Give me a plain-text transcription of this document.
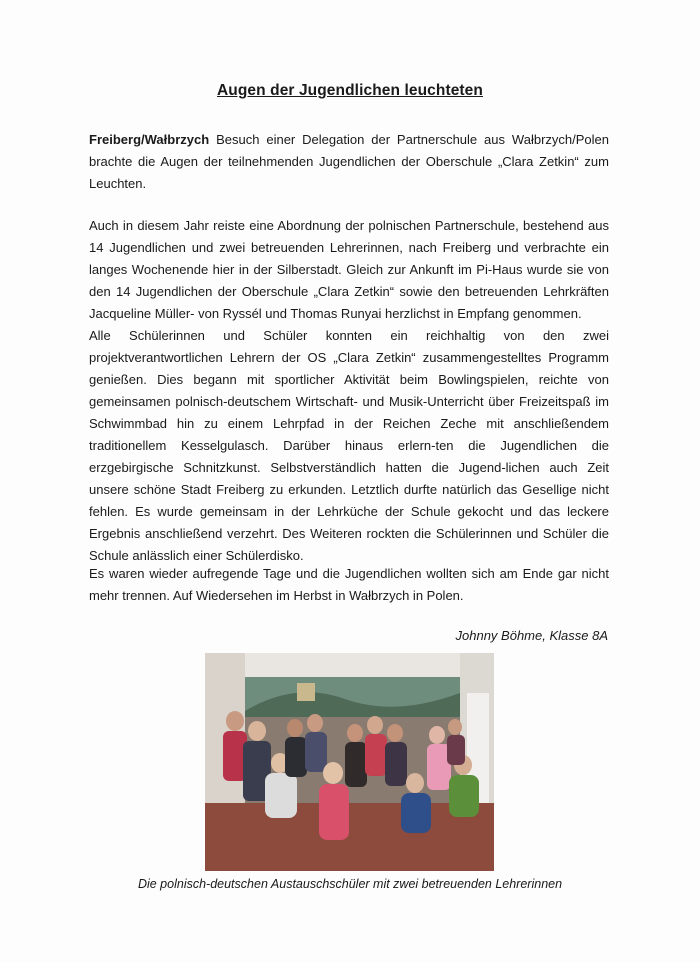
Augen der Jugendlichen leuchteten

Freiberg/Wałbrzych Besuch einer Delegation der Partnerschule aus Wałbrzych/Polen brachte die Augen der teilnehmenden Jugendlichen der Oberschule „Clara Zetkin“ zum Leuchten.

Auch in diesem Jahr reiste eine Abordnung der polnischen Partnerschule, bestehend aus 14 Jugendlichen und zwei betreuenden Lehrerinnen, nach Freiberg und verbrachte ein langes Wochenende hier in der Silberstadt. Gleich zur Ankunft im Pi-Haus wurde sie von den 14 Jugendlichen der Oberschule „Clara Zetkin“ sowie den betreuenden Lehrkräften Jacqueline Müller- von Ryssél und Thomas Runyai herzlichst in Empfang genommen.
Alle Schülerinnen und Schüler konnten ein reichhaltig von den zwei projektverantwortlichen Lehrern der OS „Clara Zetkin“ zusammengestelltes Programm genießen. Dies begann mit sportlicher Aktivität beim Bowlingspielen, reichte von gemeinsamen polnisch-deutschem Wirtschaft- und Musik-Unterricht über Freizeitspaß im Schwimmbad hin zu einem Lehrpfad in der Reichen Zeche mit anschließendem traditionellem Kesselgulasch. Darüber hinaus erlern-ten die Jugendlichen die erzgebirgische Schnitzkunst. Selbstverständlich hatten die Jugend-lichen auch Zeit unsere schöne Stadt Freiberg zu erkunden. Letztlich durfte natürlich das Gesellige nicht fehlen. Es wurde gemeinsam in der Lehrküche der Schule gekocht und das leckere Ergebnis anschließend verzehrt. Des Weiteren rockten die Schülerinnen und Schüler die Schule anlässlich einer Schülerdisko.

Es waren wieder aufregende Tage und die Jugendlichen wollten sich am Ende gar nicht mehr trennen. Auf Wiedersehen im Herbst in Wałbrzych in Polen.

Johnny Böhme, Klasse 8A
Die polnisch-deutschen Austauschschüler mit zwei betreuenden Lehrerinnen
